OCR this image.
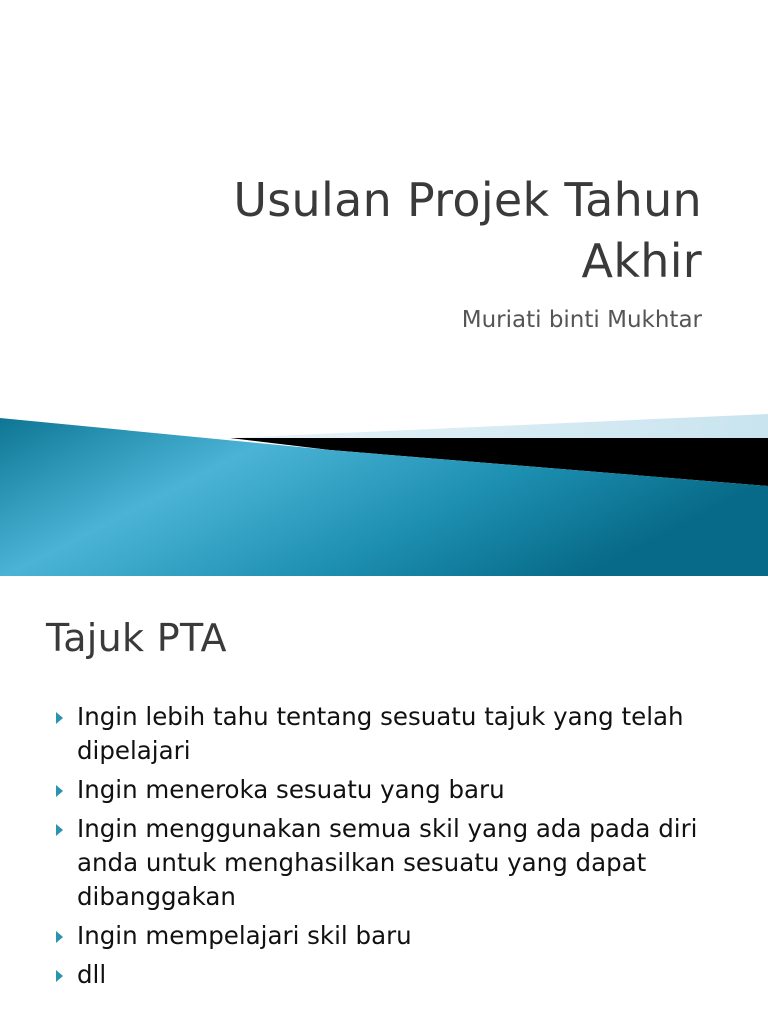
Usulan Projek Tahun
Akhir
Muriati binti Mukhtar
Tajuk PTA
Ingin lebih tahu tentang sesuatu tajuk yang telah dipelajari
Ingin meneroka sesuatu yang baru
Ingin menggunakan semua skil yang ada pada diri anda untuk menghasilkan sesuatu yang dapat dibanggakan
Ingin mempelajari skil baru
dll
